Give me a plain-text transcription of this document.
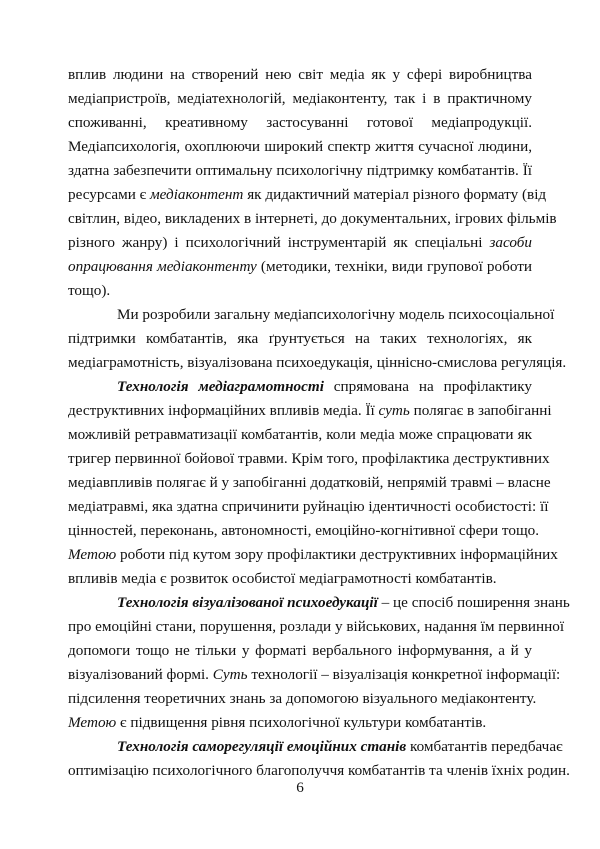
вплив людини на створений нею світ медіа як у сфері виробництва
медіапристроїв, медіатехнологій, медіаконтенту, так і в практичному
споживанні, креативному застосуванні готової медіапродукції.
Медіапсихологія, охоплюючи широкий спектр життя сучасної людини,
здатна забезпечити оптимальну психологічну підтримку комбатантів. Її
ресурсами є медіаконтент як дидактичний матеріал різного формату (від
світлин, відео, викладених в інтернеті, до документальних, ігрових фільмів
різного жанру) і психологічний інструментарій як спеціальні засоби
опрацювання медіаконтенту (методики, техніки, види групової роботи
тощо).
Ми розробили загальну медіапсихологічну модель психосоціальної
підтримки комбатантів, яка ґрунтується на таких технологіях, як
медіаграмотність, візуалізована психоедукація, ціннісно-смислова регуляція.
Технологія медіаграмотності спрямована на профілактику
деструктивних інформаційних впливів медіа. Її суть полягає в запобіганні
можливій ретравматизації комбатантів, коли медіа може спрацювати як
тригер первинної бойової травми. Крім того, профілактика деструктивних
медіавпливів полягає й у запобіганні додатковій, непрямій травмі – власне
медіатравмі, яка здатна спричинити руйнацію ідентичності особистості: її
цінностей, переконань, автономності, емоційно-когнітивної сфери тощо.
Метою роботи під кутом зору профілактики деструктивних інформаційних
впливів медіа є розвиток особистої медіаграмотності комбатантів.
Технологія візуалізованої психоедукації – це спосіб поширення знань
про емоційні стани, порушення, розлади у військових, надання їм первинної
допомоги тощо не тільки у форматі вербального інформування, а й у
візуалізований формі. Суть технології – візуалізація конкретної інформації:
підсилення теоретичних знань за допомогою візуального медіаконтенту.
Метою є підвищення рівня психологічної культури комбатантів.
Технологія саморегуляції емоційних станів комбатантів передбачає
оптимізацію психологічного благополуччя комбатантів та членів їхніх родин.
6
